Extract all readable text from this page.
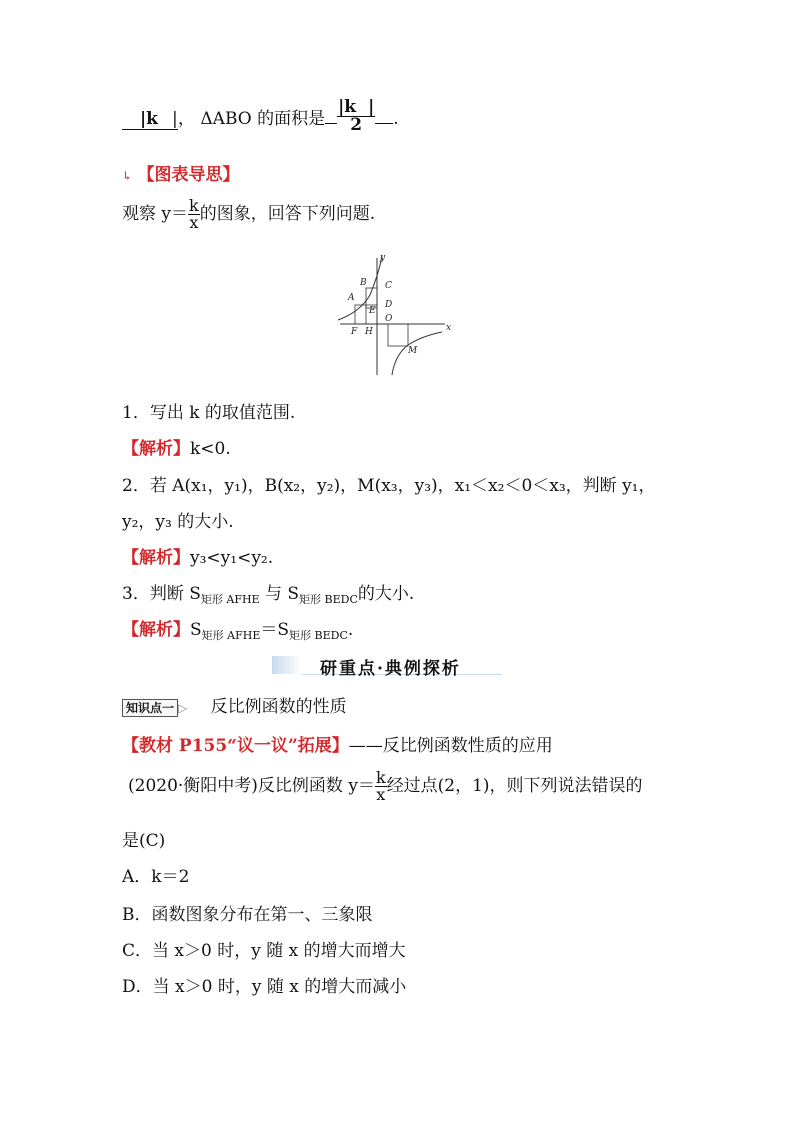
|k |， ΔABO 的面积是 $\frac{|k |}{2}$ .
↳ 【图表导思】
观察 $y= \frac{k}{x}$ 的图象，回答下列问题.
y
B C
A
D
E
O
F H	x
M
1．写出 k 的取值范围.
【解析】k<0.
2．若 A(x₁，y₁)，B(x₂，y₂)，M(x₃，y₃)，x₁＜x₂＜0＜x₃，判断 y₁，
y₂，y₃ 的大小.
【解析】y₃<y₁<y₂.
3．判断 $S_{矩形 AFHE}$ 与 $S_{矩形 BEDC}$的大小.
【解析】$S_{矩形 AFHE}=S_{矩形 BEDC}$.
研重点·典例探析
知识点一 ▷ 反比例函数的性质
【教材 P155“议一议”拓展】——反比例函数性质的应用
(2020·衡阳中考)反比例函数 $y= \frac{k}{x}$ 经过点(2，1)，则下列说法错误的
是(C)
A．k＝2
B．函数图象分布在第一、三象限
C．当 x＞0 时，y 随 x 的增大而增大
D．当 x＞0 时，y 随 x 的增大而减小
